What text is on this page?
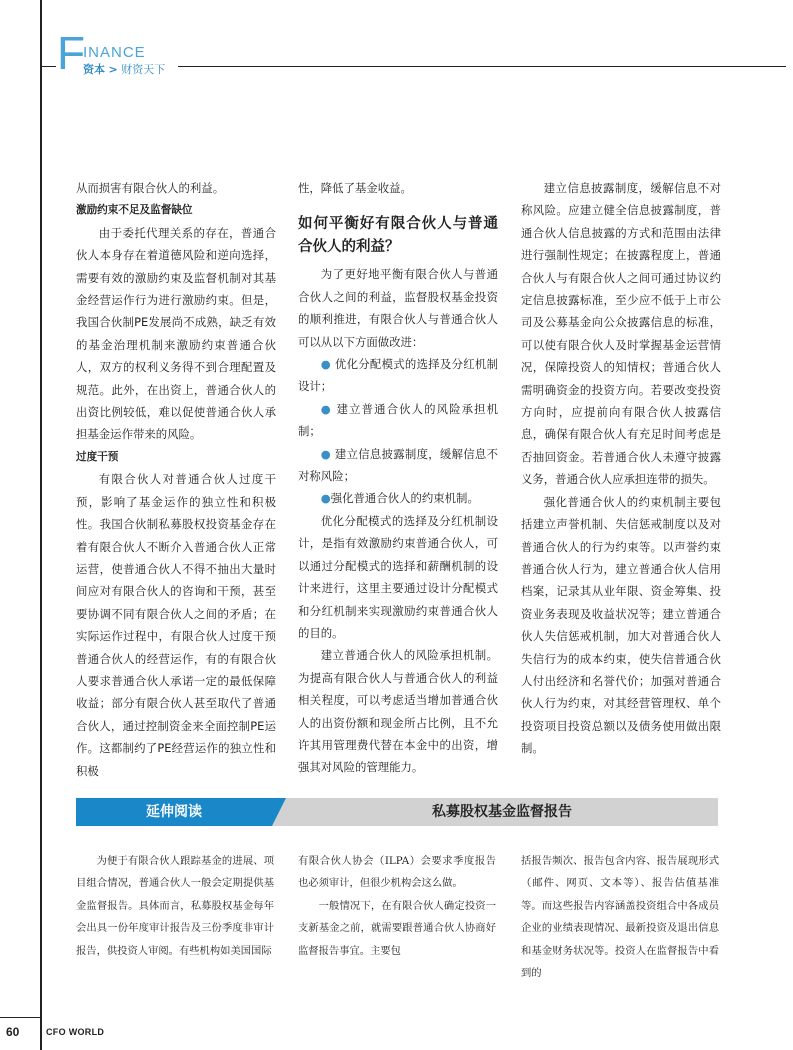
F
INANCE
资本 > 财资天下

从而损害有限合伙人的利益。

激励约束不足及监督缺位

由于委托代理关系的存在，普通合伙人本身存在着道德风险和逆向选择，需要有效的激励约束及监督机制对其基金经营运作行为进行激励约束。但是，我国合伙制PE发展尚不成熟，缺乏有效的基金治理机制来激励约束普通合伙人，双方的权利义务得不到合理配置及规范。此外，在出资上，普通合伙人的出资比例较低，难以促使普通合伙人承担基金运作带来的风险。

过度干预

有限合伙人对普通合伙人过度干预，影响了基金运作的独立性和积极性。我国合伙制私募股权投资基金存在着有限合伙人不断介入普通合伙人正常运营，使普通合伙人不得不抽出大量时间应对有限合伙人的咨询和干预，甚至要协调不同有限合伙人之间的矛盾；在实际运作过程中，有限合伙人过度干预普通合伙人的经营运作，有的有限合伙人要求普通合伙人承诺一定的最低保障收益；部分有限合伙人甚至取代了普通合伙人，通过控制资金来全面控制PE运作。这都制约了PE经营运作的独立性和积极

性，降低了基金收益。

如何平衡好有限合伙人与普通合伙人的利益？

为了更好地平衡有限合伙人与普通合伙人之间的利益，监督股权基金投资的顺利推进，有限合伙人与普通合伙人可以从以下方面做改进：

● 优化分配模式的选择及分红机制设计；

● 建立普通合伙人的风险承担机制；

● 建立信息披露制度，缓解信息不对称风险；

●强化普通合伙人的约束机制。

优化分配模式的选择及分红机制设计，是指有效激励约束普通合伙人，可以通过分配模式的选择和薪酬机制的设计来进行，这里主要通过设计分配模式和分红机制来实现激励约束普通合伙人的目的。

建立普通合伙人的风险承担机制。为提高有限合伙人与普通合伙人的利益相关程度，可以考虑适当增加普通合伙人的出资份额和现金所占比例，且不允许其用管理费代替在本金中的出资，增强其对风险的管理能力。

建立信息披露制度，缓解信息不对称风险。应建立健全信息披露制度，普通合伙人信息披露的方式和范围由法律进行强制性规定；在披露程度上，普通合伙人与有限合伙人之间可通过协议约定信息披露标准，至少应不低于上市公司及公募基金向公众披露信息的标准，可以使有限合伙人及时掌握基金运营情况，保障投资人的知情权；普通合伙人需明确资金的投资方向。若要改变投资方向时，应提前向有限合伙人披露信息，确保有限合伙人有充足时间考虑是否抽回资金。若普通合伙人未遵守披露义务，普通合伙人应承担连带的损失。

强化普通合伙人的约束机制主要包括建立声誉机制、失信惩戒制度以及对普通合伙人的行为约束等。以声誉约束普通合伙人行为，建立普通合伙人信用档案，记录其从业年限、资金筹集、投资业务表现及收益状况等；建立普通合伙人失信惩戒机制，加大对普通合伙人失信行为的成本约束，使失信普通合伙人付出经济和名誉代价；加强对普通合伙人行为约束，对其经营管理权、单个投资项目投资总额以及债务使用做出限制。

私募股权基金监督报告
延伸阅读

为便于有限合伙人跟踪基金的进展、项目组合情况，普通合伙人一般会定期提供基金监督报告。具体而言，私募股权基金每年会出具一份年度审计报告及三份季度非审计报告，供投资人审阅。有些机构如美国国际

有限合伙人协会（ILPA）会要求季度报告也必须审计，但很少机构会这么做。

一般情况下，在有限合伙人确定投资一支新基金之前，就需要跟普通合伙人协商好监督报告事宜。主要包

括报告频次、报告包含内容、报告展现形式（邮件、网页、文本等）、报告估值基准等。而这些报告内容涵盖投资组合中各成员企业的业绩表现情况、最新投资及退出信息和基金财务状况等。投资人在监督报告中看到的

60	CFO WORLD
